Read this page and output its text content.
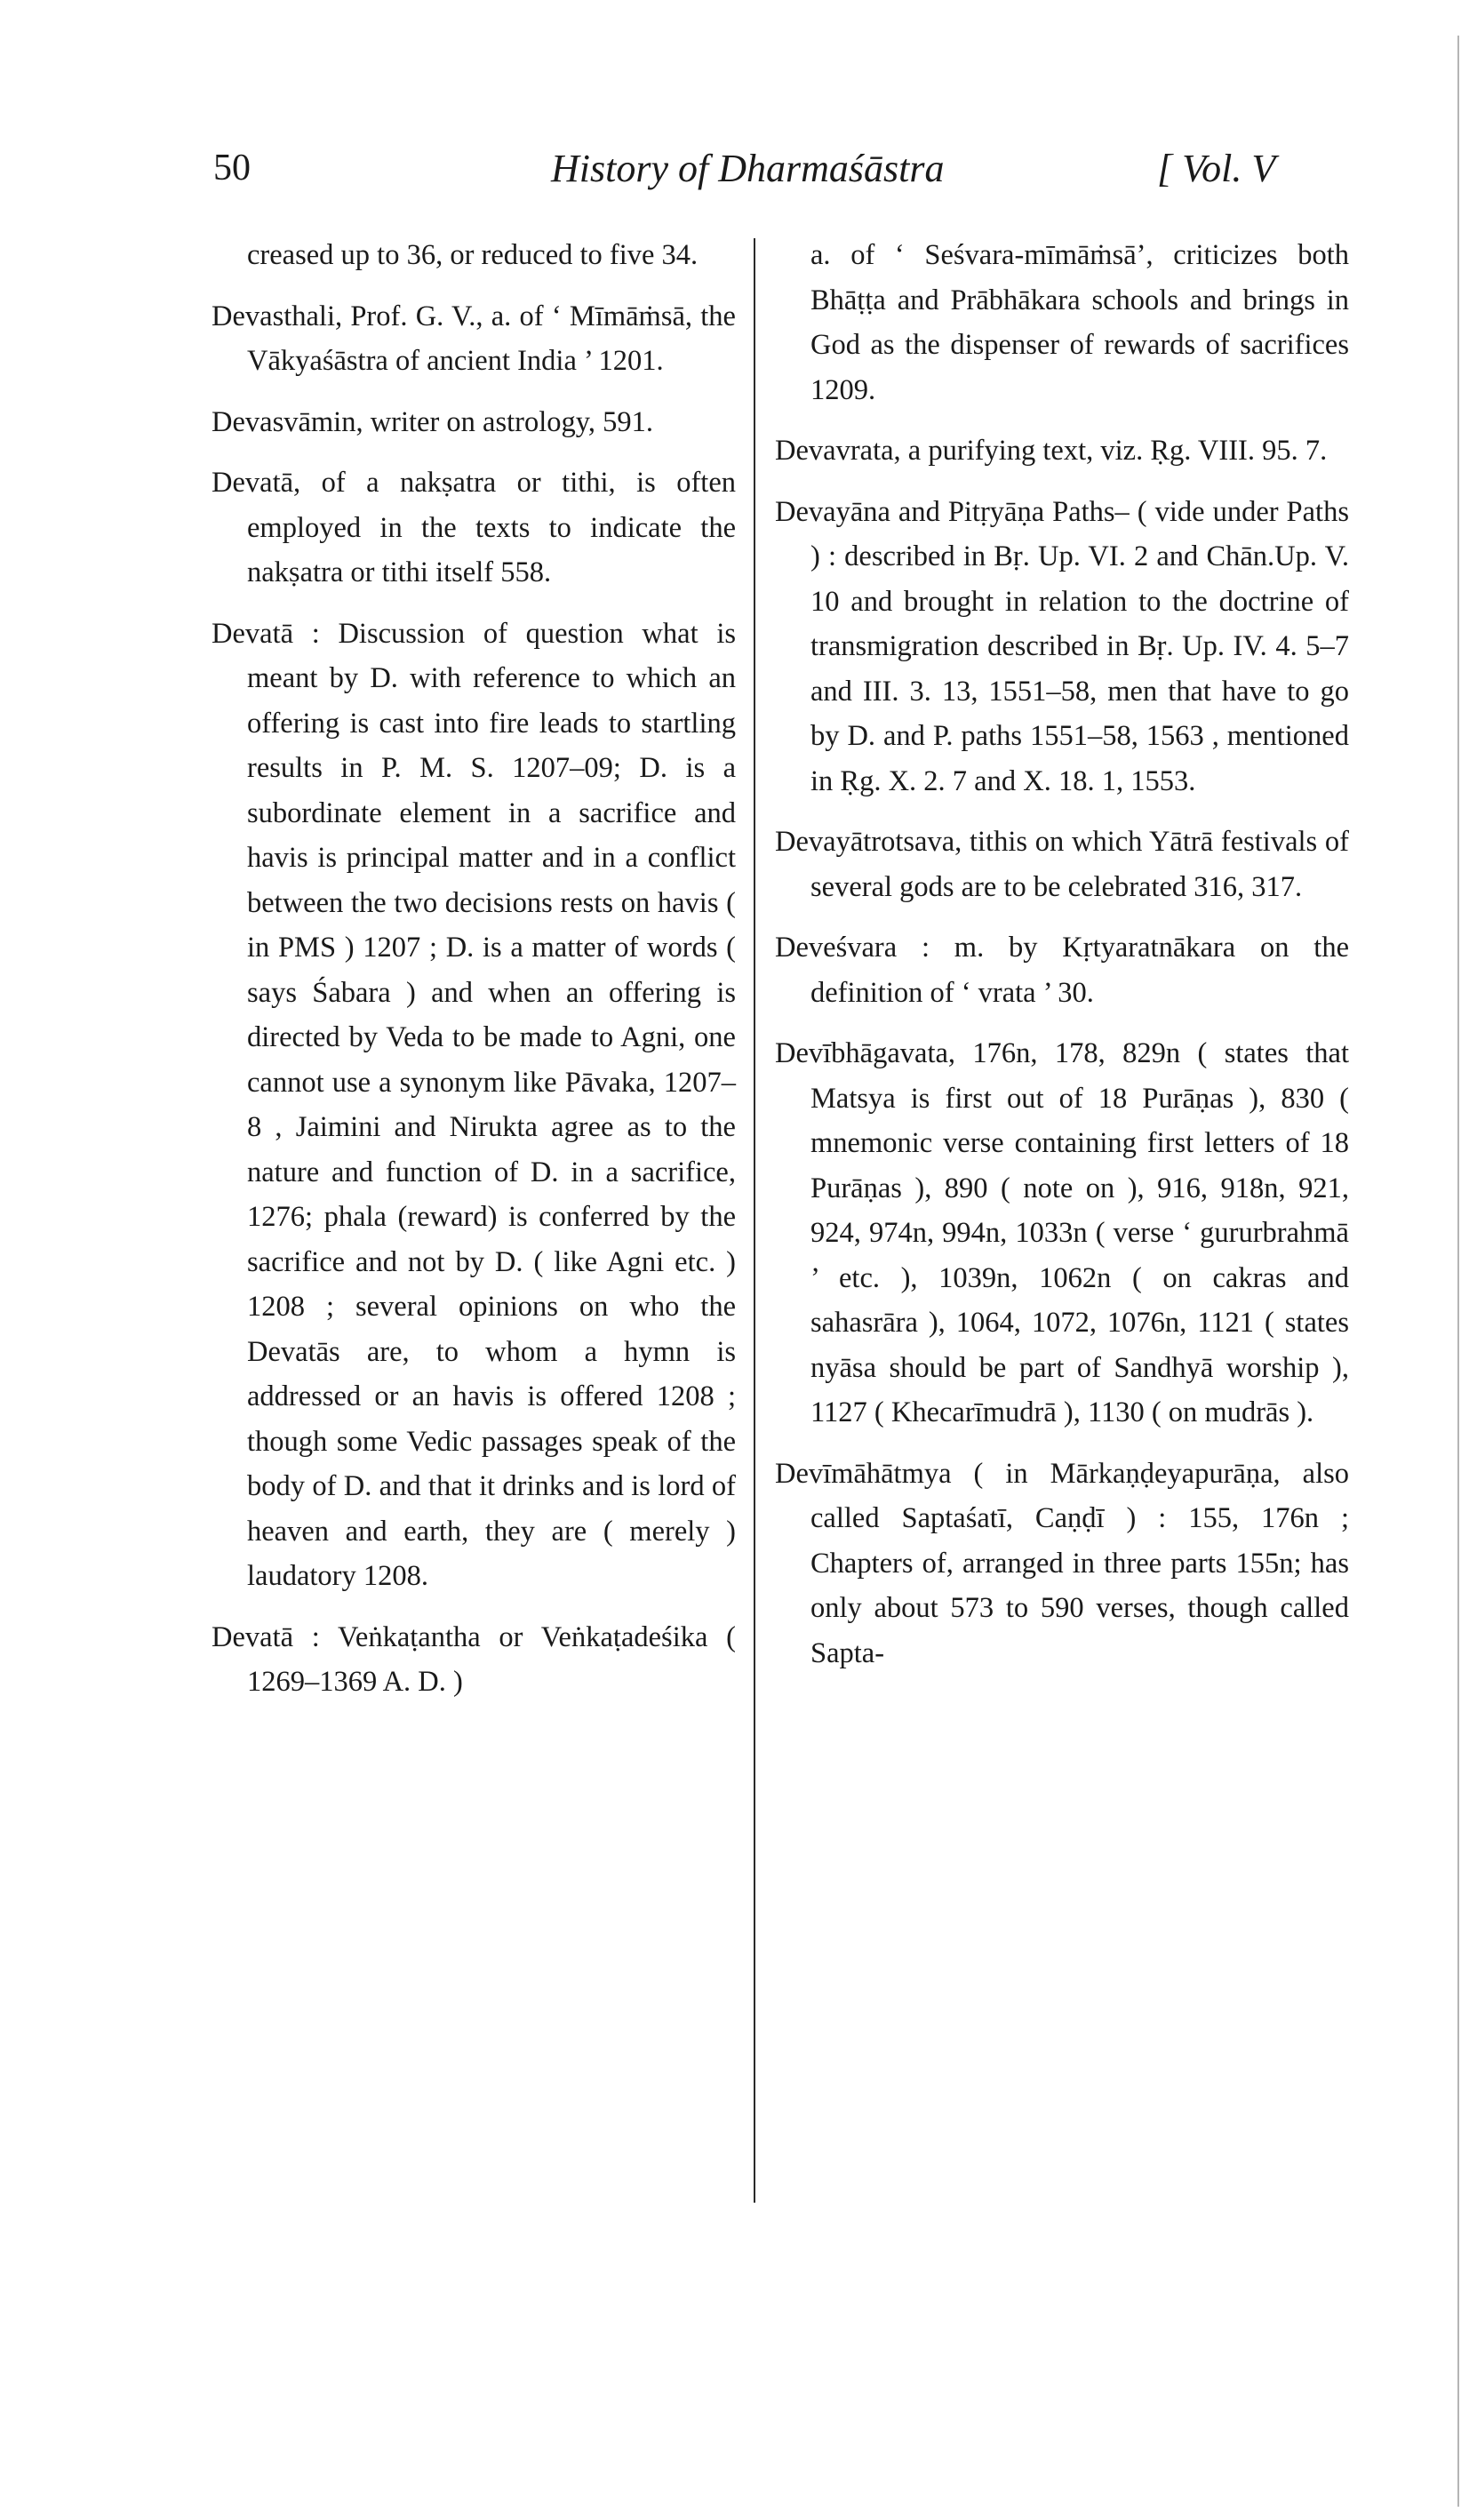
50	History of Dharmaśāstra	[ Vol. V

creased up to 36, or reduced to five 34.

Devasthali, Prof. G. V., a. of ‘ Mīmāṁsā, the Vākyaśāstra of ancient India ’ 1201.

Devasvāmin, writer on astrology, 591.

Devatā, of a nakṣatra or tithi, is often employed in the texts to indicate the nakṣatra or tithi itself 558.

Devatā : Discussion of question what is meant by D. with reference to which an offering is cast into fire leads to startling results in P. M. S. 1207–09; D. is a subordinate element in a sacrifice and havis is principal matter and in a conflict between the two decisions rests on havis ( in PMS ) 1207 ; D. is a matter of words ( says Śabara ) and when an offering is directed by Veda to be made to Agni, one cannot use a synonym like Pāvaka, 1207–8 , Jaimini and Nirukta agree as to the nature and function of D. in a sacrifice, 1276; phala (reward) is conferred by the sacrifice and not by D. ( like Agni etc. ) 1208 ; several opinions on who the Devatās are, to whom a hymn is addressed or an havis is offered 1208 ; though some Vedic passages speak of the body of D. and that it drinks and is lord of heaven and earth, they are ( merely ) laudatory 1208.

Devatā : Veṅkaṭantha or Veṅkaṭadeśika ( 1269–1369 A. D. )

a. of ‘ Seśvara-mīmāṁsā’, criticizes both Bhāṭṭa and Prābhākara schools and brings in God as the dispenser of rewards of sacrifices 1209.

Devavrata, a purifying text, viz. Ṛg. VIII. 95. 7.

Devayāna and Pitṛyāṇa Paths– ( vide under Paths ) : described in Bṛ. Up. VI. 2 and Chān.Up. V. 10 and brought in relation to the doctrine of transmigration described in Bṛ. Up. IV. 4. 5–7 and III. 3. 13, 1551–58, men that have to go by D. and P. paths 1551–58, 1563 , mentioned in Ṛg. X. 2. 7 and X. 18. 1, 1553.

Devayātrotsava, tithis on which Yātrā festivals of several gods are to be celebrated 316, 317.

Deveśvara : m. by Kṛtyaratnākara on the definition of ‘ vrata ’ 30.

Devībhāgavata, 176n, 178, 829n ( states that Matsya is first out of 18 Purāṇas ), 830 ( mnemonic verse containing first letters of 18 Purāṇas ), 890 ( note on ), 916, 918n, 921, 924, 974n, 994n, 1033n ( verse ‘ gururbrahmā ’ etc. ), 1039n, 1062n ( on cakras and sahasrāra ), 1064, 1072, 1076n, 1121 ( states nyāsa should be part of Sandhyā worship ), 1127 ( Khecarīmudrā ), 1130 ( on mudrās ).

Devīmāhātmya ( in Mārkaṇḍeyapurāṇa, also called Saptaśatī, Caṇḍī ) : 155, 176n ; Chapters of, arranged in three parts 155n; has only about 573 to 590 verses, though called Sapta-
